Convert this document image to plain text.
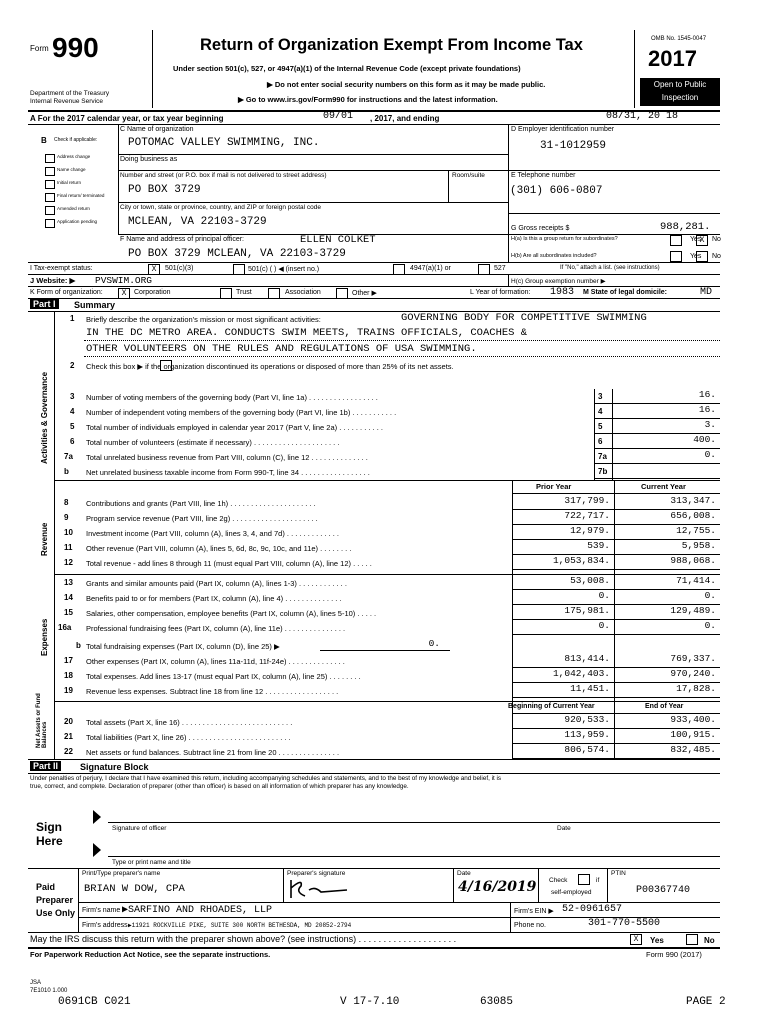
Form 990
Department of the Treasury
Internal Revenue Service
Return of Organization Exempt From Income Tax
Under section 501(c), 527, or 4947(a)(1) of the Internal Revenue Code (except private foundations)
▶ Do not enter social security numbers on this form as it may be made public.
▶ Go to www.irs.gov/Form990 for instructions and the latest information.
OMB No. 1545-0047
2017
Open to Public
Inspection
A For the 2017 calendar year, or tax year beginning	09/01 , 2017, and ending	08/31, 20 18
B Check if applicable:
Address change
Name change
Initial return
Final return/ terminated
Amended return
Application pending
C Name of organization
POTOMAC VALLEY SWIMMING, INC.
Doing business as
Number and street (or P.O. box if mail is not delivered to street address)	Room/suite
PO BOX 3729
City or town, state or province, country, and ZIP or foreign postal code
MCLEAN, VA 22103-3729
F Name and address of principal officer:	ELLEN COLKET
PO BOX 3729 MCLEAN, VA 22103-3729
D Employer identification number
31-1012959
E Telephone number
(301) 606-0807
G Gross receipts $	988,281.
H(a) Is this a group return for subordinates?	Yes
X	No
H(b) Are all subordinates included?	Yes No
I Tax-exempt status:	X	501(c)(3)	501(c) ( ) ◀ (insert no.)	4947(a)(1) or	527	If "No," attach a list. (see instructions)
J Website: ▶ PVSWIM.ORG	H(c) Group exemption number ▶
K Form of organization:	X	Corporation	Trust	Association	Other ▶	L Year of formation: 1983 M State of legal domicile:	MD
Part I	Summary
Activities & Governance
Revenue
Expenses
Net Assets or Fund Balances
1 Briefly describe the organization's mission or most significant activities:	GOVERNING BODY FOR COMPETITIVE SWIMMING
IN THE DC METRO AREA. CONDUCTS SWIM MEETS, TRAINS OFFICIALS, COACHES &
OTHER VOLUNTEERS ON THE RULES AND REGULATIONS OF USA SWIMMING.
2 Check this box ▶ if the organization discontinued its operations or disposed of more than 25% of its net assets.
3 Number of voting members of the governing body (Part VI, line 1a) . . . . . . . . . . . . . . . . .	3	16.
4 Number of independent voting members of the governing body (Part VI, line 1b) . . . . . . . . . . .	4	16.
5 Total number of individuals employed in calendar year 2017 (Part V, line 2a) . . . . . . . . . . .	5	3.
6 Total number of volunteers (estimate if necessary) . . . . . . . . . . . . . . . . . . . . .	6	400.
7a Total unrelated business revenue from Part VIII, column (C), line 12 . . . . . . . . . . . . . .	7a	0.
b Net unrelated business taxable income from Form 990-T, line 34 . . . . . . . . . . . . . . . . .	7b
Prior Year	Current Year
8 Contributions and grants (Part VIII, line 1h) . . . . . . . . . . . . . . . . . . . . .	317,799.	313,347.
9 Program service revenue (Part VIII, line 2g) . . . . . . . . . . . . . . . . . . . . .	722,717.	656,008.
10 Investment income (Part VIII, column (A), lines 3, 4, and 7d) . . . . . . . . . . . . .	12,979.	12,755.
11 Other revenue (Part VIII, column (A), lines 5, 6d, 8c, 9c, 10c, and 11e) . . . . . . . .	539.	5,958.
12 Total revenue - add lines 8 through 11 (must equal Part VIII, column (A), line 12) . . . . .	1,053,834.	988,068.
13 Grants and similar amounts paid (Part IX, column (A), lines 1-3) . . . . . . . . . . . .	53,008.	71,414.
14 Benefits paid to or for members (Part IX, column (A), line 4) . . . . . . . . . . . . . .	0.	0.
15 Salaries, other compensation, employee benefits (Part IX, column (A), lines 5-10) . . . . .	175,981.	129,489.
16a Professional fundraising fees (Part IX, column (A), line 11e) . . . . . . . . . . . . . . .	0.	0.
b Total fundraising expenses (Part IX, column (D), line 25) ▶	0.
17 Other expenses (Part IX, column (A), lines 11a-11d, 11f-24e) . . . . . . . . . . . . . .	813,414.	769,337.
18 Total expenses. Add lines 13-17 (must equal Part IX, column (A), line 25) . . . . . . . .	1,042,403.	970,240.
19 Revenue less expenses. Subtract line 18 from line 12 . . . . . . . . . . . . . . . . . .	11,451.	17,828.
Beginning of Current Year	End of Year
20 Total assets (Part X, line 16) . . . . . . . . . . . . . . . . . . . . . . . . . . .	920,533.	933,400.
21 Total liabilities (Part X, line 26) . . . . . . . . . . . . . . . . . . . . . . . . .	113,959.	100,915.
22 Net assets or fund balances. Subtract line 21 from line 20 . . . . . . . . . . . . . . .	806,574.	832,485.
Part II	Signature Block
Under penalties of perjury, I declare that I have examined this return, including accompanying schedules and statements, and to the best of my knowledge and belief, it is
true, correct, and complete. Declaration of preparer (other than officer) is based on all information of which preparer has any knowledge.
Sign
Here
Signature of officer	Date
Type or print name and title
Paid
Preparer
Use Only
Print/Type preparer's name
BRIAN W DOW, CPA
Preparer's signature	Date
4/16/2019 Check	if
self-employed
PTIN
P00367740
Firm's name ▶SARFINO AND RHOADES, LLP	Firm's EIN ▶ 52-0961657
Firm's address ▶11921 ROCKVILLE PIKE, SUITE 300 NORTH BETHESDA, MD 20852-2794	Phone no.	301-770-5500
May the IRS discuss this return with the preparer shown above? (see instructions) . . . . . . . . . . . . . . . . . . . .	X	Yes	No
For Paperwork Reduction Act Notice, see the separate instructions.	Form 990 (2017)
JSA
7E1010 1.000
0691CB C021	V 17-7.10	63085	PAGE 2
